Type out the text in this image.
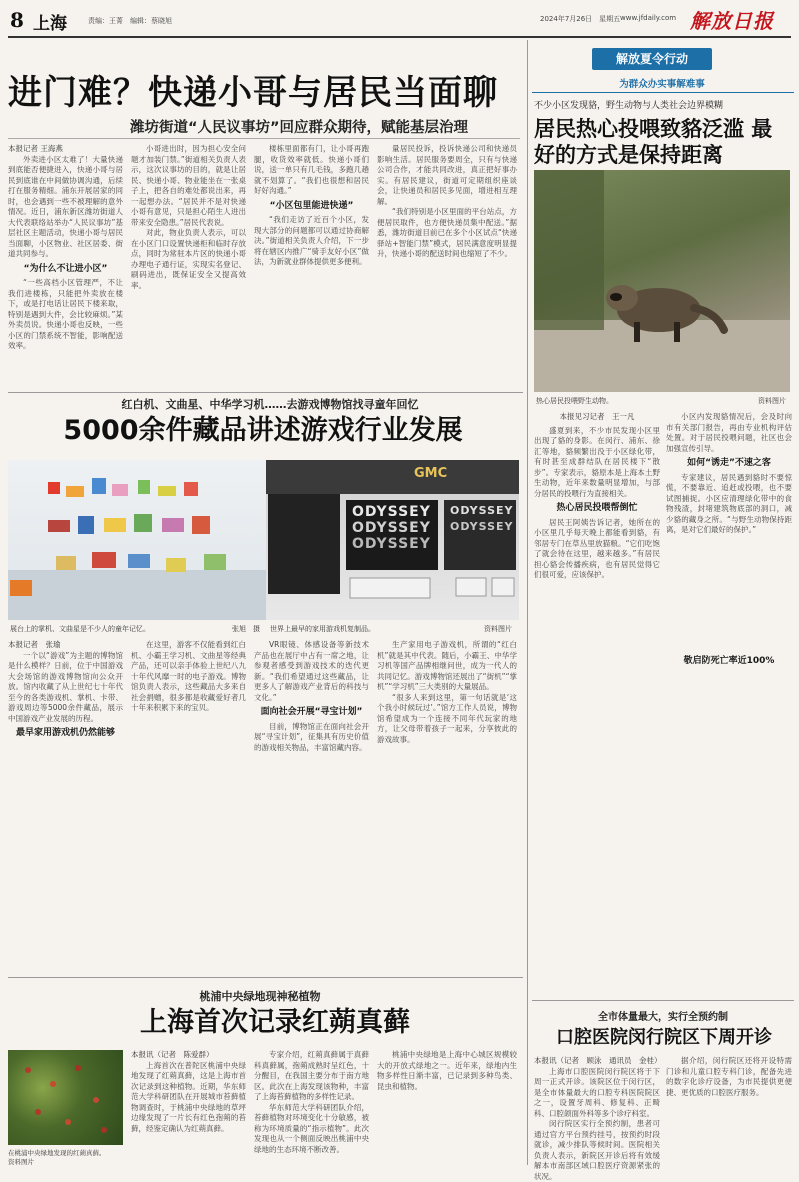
8 上海	责编：王菁　编辑：蔡晓旭	2024年7月26日　星期五 www.jfdaily.com 解放日报
进门难？快递小哥与居民当面聊
潍坊街道“人民议事坊”回应群众期待，赋能基层治理

本报记者 王海燕

外卖进小区太难了！大量快递到底能否便捷进入，快递小哥与居民到底谁在中间做协调沟通，后续打在服务精细。浦东开展居家的同时，也会遇到一些不被理解的意外情况。近日，浦东新区潍坊街道人大代表联络站举办“人民议事坊”基层社区主题活动，快递小哥与居民当面聊，小区物业、社区居委、街道共同参与。

“为什么不让进小区”

“一些高档小区管理严，不让我们进楼栋，只能把外卖放在楼下，或是打电话让居民下楼来取，特别是遇到大件，会比较麻烦。”某外卖员说。快递小哥也反映，一些小区的门禁系统不智能，影响配送效率。

小哥进出时，因为担心安全问题才加装门禁。”街道相关负责人表示，这次议事坊的目的，就是让居民、快递小哥、物业能坐在一张桌子上，把各自的难处都说出来，再一起想办法。“居民并不是对快递小哥有意见，只是担心陌生人进出带来安全隐患。”居民代表说。

对此，物业负责人表示，可以在小区门口设置快递柜和临时存放点，同时为常驻本片区的快递小哥办理电子通行证，实现实名登记、刷码进出，既保证安全又提高效率。

楼栋里面都有门，让小哥再跑腿，收货效率就低。快递小哥们说，送一单只有几毛钱，多跑几趟就不划算了。“我们也很想和居民好好沟通。”

“小区包里能进快递”

“我们走访了近百个小区，发现大部分的问题都可以通过协商解决。”街道相关负责人介绍，下一步将在辖区内推广“骑手友好小区”做法，为新就业群体提供更多便利。

量居民投诉，投诉快递公司和快递员影响生活。居民服务要周全，只有与快递公司合作，才能共同改进，真正把好事办实。有居民建议，街道可定期组织座谈会，让快递员和居民多见面，增进相互理解。

“我们特别是小区里面的平台站点，方便居民取件，也方便快递员集中配送。”据悉，潍坊街道目前已在多个小区试点“快递驿站+智能门禁”模式，居民满意度明显提升，快递小哥的配送时间也缩短了不少。

解放夏令行动
为群众办实事解难事
不少小区发现貉，野生动物与人类社会边界模糊
居民热心投喂致貉泛滥 最好的方式是保持距离
热心居民投喂野生动物。	资料图片

本报见习记者　王一凡

盛夏到来，不少市民发现小区里出现了貉的身影。在闵行、浦东、徐汇等地，貉频繁出没于小区绿化带，有时甚至成群结队在居民楼下“散步”。专家表示，貉原本是上海本土野生动物，近年来数量明显增加，与部分居民的投喂行为直接相关。

热心居民投喂帮倒忙

居民王阿姨告诉记者，她所在的小区里几乎每天晚上都能看到貉，有邻居专门在草丛里放猫粮。“它们吃饱了就会待在这里，越来越多。”有居民担心貉会传播疾病，也有居民觉得它们很可爱，应该保护。

小区内发现貉情况后，会及时向市有关部门报告，再由专业机构评估处置。对于居民投喂问题，社区也会加强宣传引导。

如何“诱走”不速之客

专家建议，居民遇到貉时不要惊慌，不要靠近、追赶或投喂，也不要试图捕捉。小区应清理绿化带中的食物残渣，封堵建筑物底部的洞口，减少貉的藏身之所。“与野生动物保持距离，是对它们最好的保护。”

敬启防死亡率近100%

红白机、文曲星、中华学习机……去游戏博物馆找寻童年回忆
5000余件藏品讲述游戏行业发展
GMC
ODYSSEY
ODYSSEY
ODYSSEY
ODYSSEY
ODYSSEY
展台上的掌机、文曲星是不少人的童年记忆。	张旭　摄 世界上最早的家用游戏机复制品。	资料图片

本报记者　张瑜

一个以“游戏”为主题的博物馆是什么模样？日前，位于中国游戏大会场馆的游戏博物馆向公众开放。馆内收藏了从上世纪七十年代至今的各类游戏机、掌机、卡带、游戏周边等5000余件藏品，展示中国游戏产业发展的历程。

最早家用游戏机仍然能够

在这里，游客不仅能看到红白机、小霸王学习机、文曲星等经典产品，还可以亲手体验上世纪八九十年代风靡一时的电子游戏。博物馆负责人表示，这些藏品大多来自社会捐赠，很多都是收藏爱好者几十年来积累下来的宝贝。

VR眼镜、体感设备等新技术产品也在展厅中占有一席之地，让参观者感受到游戏技术的迭代更新。“我们希望通过这些藏品，让更多人了解游戏产业背后的科技与文化。”

面向社会开展“寻宝计划”

目前，博物馆正在面向社会开展“寻宝计划”，征集具有历史价值的游戏相关物品，丰富馆藏内容。

生产家用电子游戏机，所谓的“红白机”就是其中代表。随后，小霸王、中华学习机等国产品牌相继问世，成为一代人的共同记忆。游戏博物馆还展出了“街机”“掌机”“学习机”三大类别的大量展品。

“很多人来到这里，第一句话就是‘这个我小时候玩过’。”馆方工作人员说，博物馆希望成为一个连接不同年代玩家的地方，让父母带着孩子一起来，分享彼此的游戏故事。

桃浦中央绿地现神秘植物
上海首次记录红蒴真藓
在桃浦中央绿地发现的红蒴真藓。
资料图片

本报讯（记者　陈爱群）

上海首次在普陀区桃浦中央绿地发现了红蒴真藓，这是上海市首次记录到这种植物。近期，华东师范大学科研团队在开展城市苔藓植物调查时，于桃浦中央绿地的草坪边缘发现了一片长有红色孢蒴的苔藓，经鉴定确认为红蒴真藓。

专家介绍，红蒴真藓属于真藓科真藓属，孢蒴成熟时呈红色，十分醒目，在我国主要分布于南方地区。此次在上海发现该物种，丰富了上海苔藓植物的多样性记录。

华东师范大学科研团队介绍，苔藓植物对环境变化十分敏感，被称为环境质量的“指示植物”。此次发现也从一个侧面反映出桃浦中央绿地的生态环境不断改善。

桃浦中央绿地是上海中心城区规模较大的开放式绿地之一。近年来，绿地内生物多样性日渐丰富，已记录到多种鸟类、昆虫和植物。

全市体量最大，实行全预约制
口腔医院闵行院区下周开诊

本报讯（记者　顾泳　通讯员　金桂）

上海市口腔医院闵行院区将于下周一正式开诊。该院区位于闵行区，是全市体量最大的口腔专科医院院区之一，设置牙周科、修复科、正畸科、口腔颌面外科等多个诊疗科室。

闵行院区实行全预约制，患者可通过官方平台预约挂号，按预约时段就诊，减少排队等候时间。医院相关负责人表示，新院区开诊后将有效缓解本市南部区域口腔医疗资源紧张的状况。

据介绍，闵行院区还将开设特需门诊和儿童口腔专科门诊，配备先进的数字化诊疗设备，为市民提供更便捷、更优质的口腔医疗服务。
